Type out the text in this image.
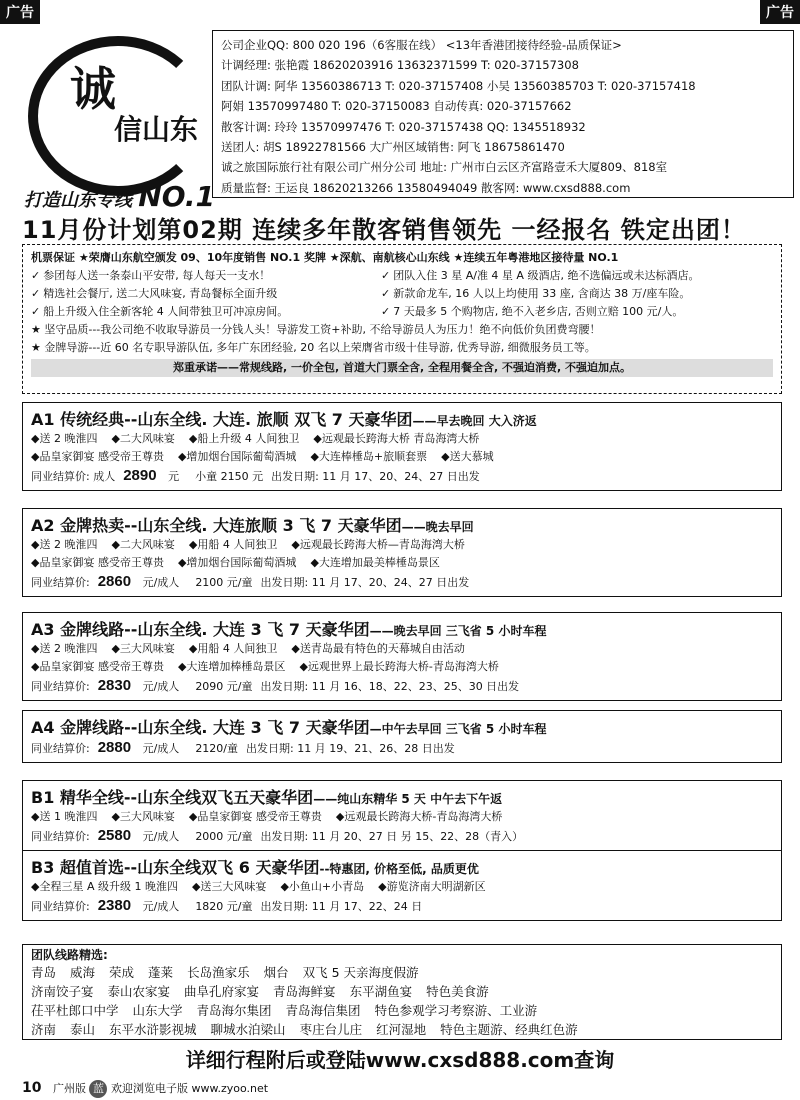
广告	广告
诚
信山东
打造山东专线 NO.1
公司企业QQ: 800 020 196（6客服在线） <13年香港团接待经验-品质保证>
计调经理: 张艳霞 18620203916 13632371599 T: 020-37157308
团队计调: 阿华 13560386713 T: 020-37157408 小吴 13560385703 T: 020-37157418
阿娟 13570997480 T: 020-37150083 自动传真: 020-37157662
散客计调: 玲玲 13570997476 T: 020-37157438 QQ: 1345518932
送团人: 胡S 18922781566 大广州区域销售: 阿飞 18675861470
诚之旅国际旅行社有限公司广州分公司 地址: 广州市白云区齐富路壹禾大厦809、818室
质量监督: 王运良 18620213266 13580494049 散客网: www.cxsd888.com
11月份计划第02期 连续多年散客销售领先 一经报名 铁定出团！
机票保证 ★荣膺山东航空颁发 09、10年度销售 NO.1 奖牌 ★深航、南航核心山东线 ★连续五年粤港地区接待量 NO.1
✓ 参团每人送一条泰山平安带, 每人每天一支水！	✓ 团队入住 3 星 A/准 4 星 A 级酒店, 绝不选偏远或未达标酒店。
✓ 精选社会餐厅, 送二大风味宴, 青岛餐标全面升级	✓ 新款命龙车, 16 人以上均使用 33 座, 含商达 38 万/座车险。
✓ 船上升级入住全新客轮 4 人间带独卫可冲凉房间。	✓ 7 天最多 5 个购物店, 绝不入老乡店, 否则立赔 100 元/人。
★ 坚守品质---我公司绝不收取导游员一分钱人头！导游发工资+补助, 不给导游员人为压力！绝不向低价负团费弯腰！
★ 金牌导游---近 60 名专职导游队伍, 多年广东团经验, 20 名以上荣膺省市级十佳导游, 优秀导游, 细微服务员工等。
郑重承诺——常规线路, 一价全包, 首道大门票全含, 全程用餐全含, 不强迫消费, 不强迫加点。
A1 传统经典--山东全线. 大连. 旅顺 双飞 7 天豪华团——早去晚回 大入济返
◆送 2 晚淮四 ◆二大风味宴 ◆船上升级 4 人间独卫 ◆远观最长跨海大桥 青岛海湾大桥
◆品皇家御宴 感受帝王尊贵 ◆增加烟台国际葡萄酒城 ◆大连棒棰岛+旅顺套票 ◆送大慕城
同业结算价: 成人 2890 元 小童 2150 元 出发日期: 11 月 17、20、24、27 日出发
A2 金牌热卖--山东全线. 大连旅顺 3 飞 7 天豪华团——晚去早回
◆送 2 晚淮四 ◆二大风味宴 ◆用船 4 人间独卫 ◆远观最长跨海大桥—青岛海湾大桥
◆品皇家御宴 感受帝王尊贵 ◆增加烟台国际葡萄酒城 ◆大连增加最美棒棰岛景区
同业结算价: 2860 元/成人 2100 元/童 出发日期: 11 月 17、20、24、27 日出发
A3 金牌线路--山东全线. 大连 3 飞 7 天豪华团——晚去早回 三飞省 5 小时车程
◆送 2 晚淮四 ◆三大风味宴 ◆用船 4 人间独卫 ◆送青岛最有特色的天幕城自由活动
◆品皇家御宴 感受帝王尊贵 ◆大连增加棒棰岛景区 ◆远观世界上最长跨海大桥-青岛海湾大桥
同业结算价: 2830 元/成人 2090 元/童 出发日期: 11 月 16、18、22、23、25、30 日出发
A4 金牌线路--山东全线. 大连 3 飞 7 天豪华团—中午去早回 三飞省 5 小时车程
同业结算价: 2880 元/成人 2120/童 出发日期: 11 月 19、21、26、28 日出发
B1 精华全线--山东全线双飞五天豪华团——纯山东精华 5 天 中午去下午返
◆送 1 晚淮四 ◆三大风味宴 ◆品皇家御宴 感受帝王尊贵 ◆远观最长跨海大桥-青岛海湾大桥
同业结算价: 2580 元/成人 2000 元/童 出发日期: 11 月 20、27 日 另 15、22、28（青入）
B3 超值首选--山东全线双飞 6 天豪华团--特惠团, 价格至低, 品质更优
◆全程三星 A 级升级 1 晚淮四 ◆送三大风味宴 ◆小鱼山+小青岛 ◆游览济南大明湖新区
同业结算价: 2380 元/成人 1820 元/童 出发日期: 11 月 17、22、24 日
团队线路精选:
青岛 威海 荣成 蓬莱 长岛渔家乐 烟台 双飞 5 天亲海度假游
济南饺子宴 泰山农家宴 曲阜孔府家宴 青岛海鲜宴 东平湖鱼宴 特色美食游
茌平杜郎口中学 山东大学 青岛海尔集团 青岛海信集团 特色参观学习考察游、工业游
济南 泰山 东平水浒影视城 聊城水泊梁山 枣庄台儿庄 红河湿地 特色主题游、经典红色游
详细行程附后或登陆www.cxsd888.com查询
10 广州版 蓝 欢迎浏览电子版 www.zyoo.net
